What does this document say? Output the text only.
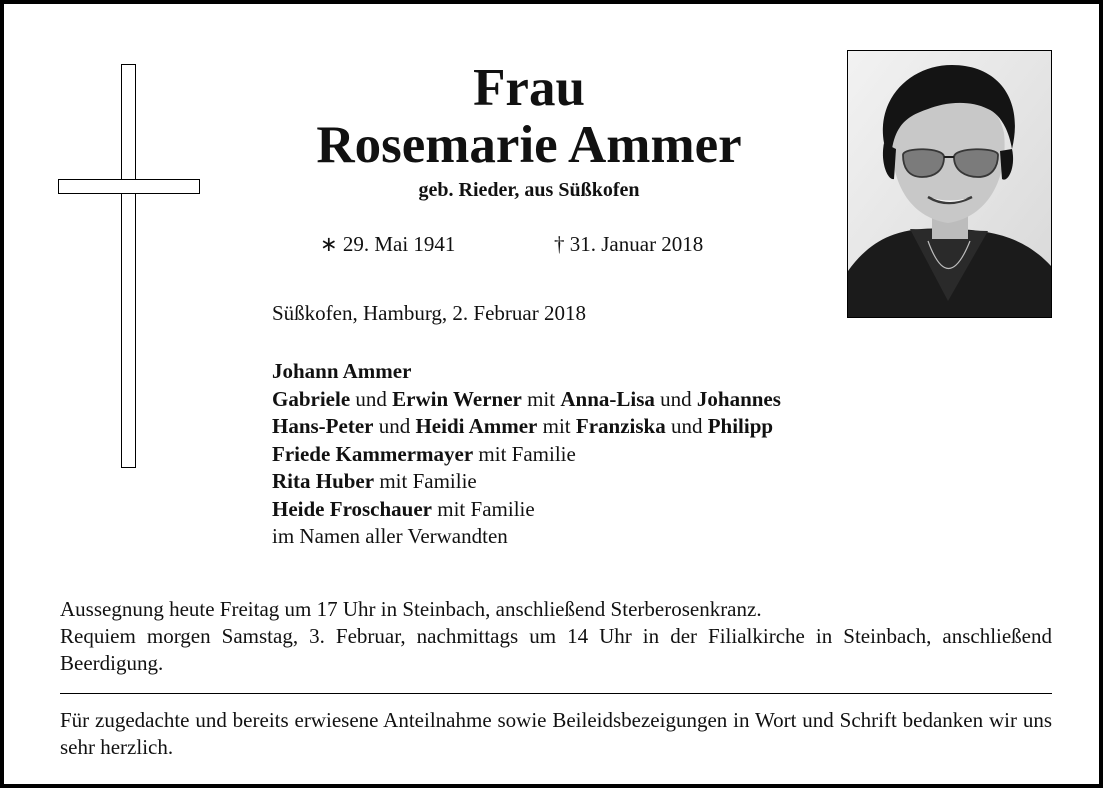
Frau
Rosemarie Ammer
geb. Rieder, aus Süßkofen
∗ 29. Mai 1941	† 31. Januar 2018
Süßkofen, Hamburg, 2. Februar 2018
Johann Ammer
Gabriele und Erwin Werner mit Anna-Lisa und Johannes
Hans-Peter und Heidi Ammer mit Franziska und Philipp
Friede Kammermayer mit Familie
Rita Huber mit Familie
Heide Froschauer mit Familie
im Namen aller Verwandten
Aussegnung heute Freitag um 17 Uhr in Steinbach, anschließend Sterberosenkranz.
Requiem morgen Samstag, 3. Februar, nachmittags um 14 Uhr in der Filialkirche in Steinbach, anschließend Beerdigung.
Für zugedachte und bereits erwiesene Anteilnahme sowie Beileidsbezeigungen in Wort und Schrift bedanken wir uns sehr herzlich.
